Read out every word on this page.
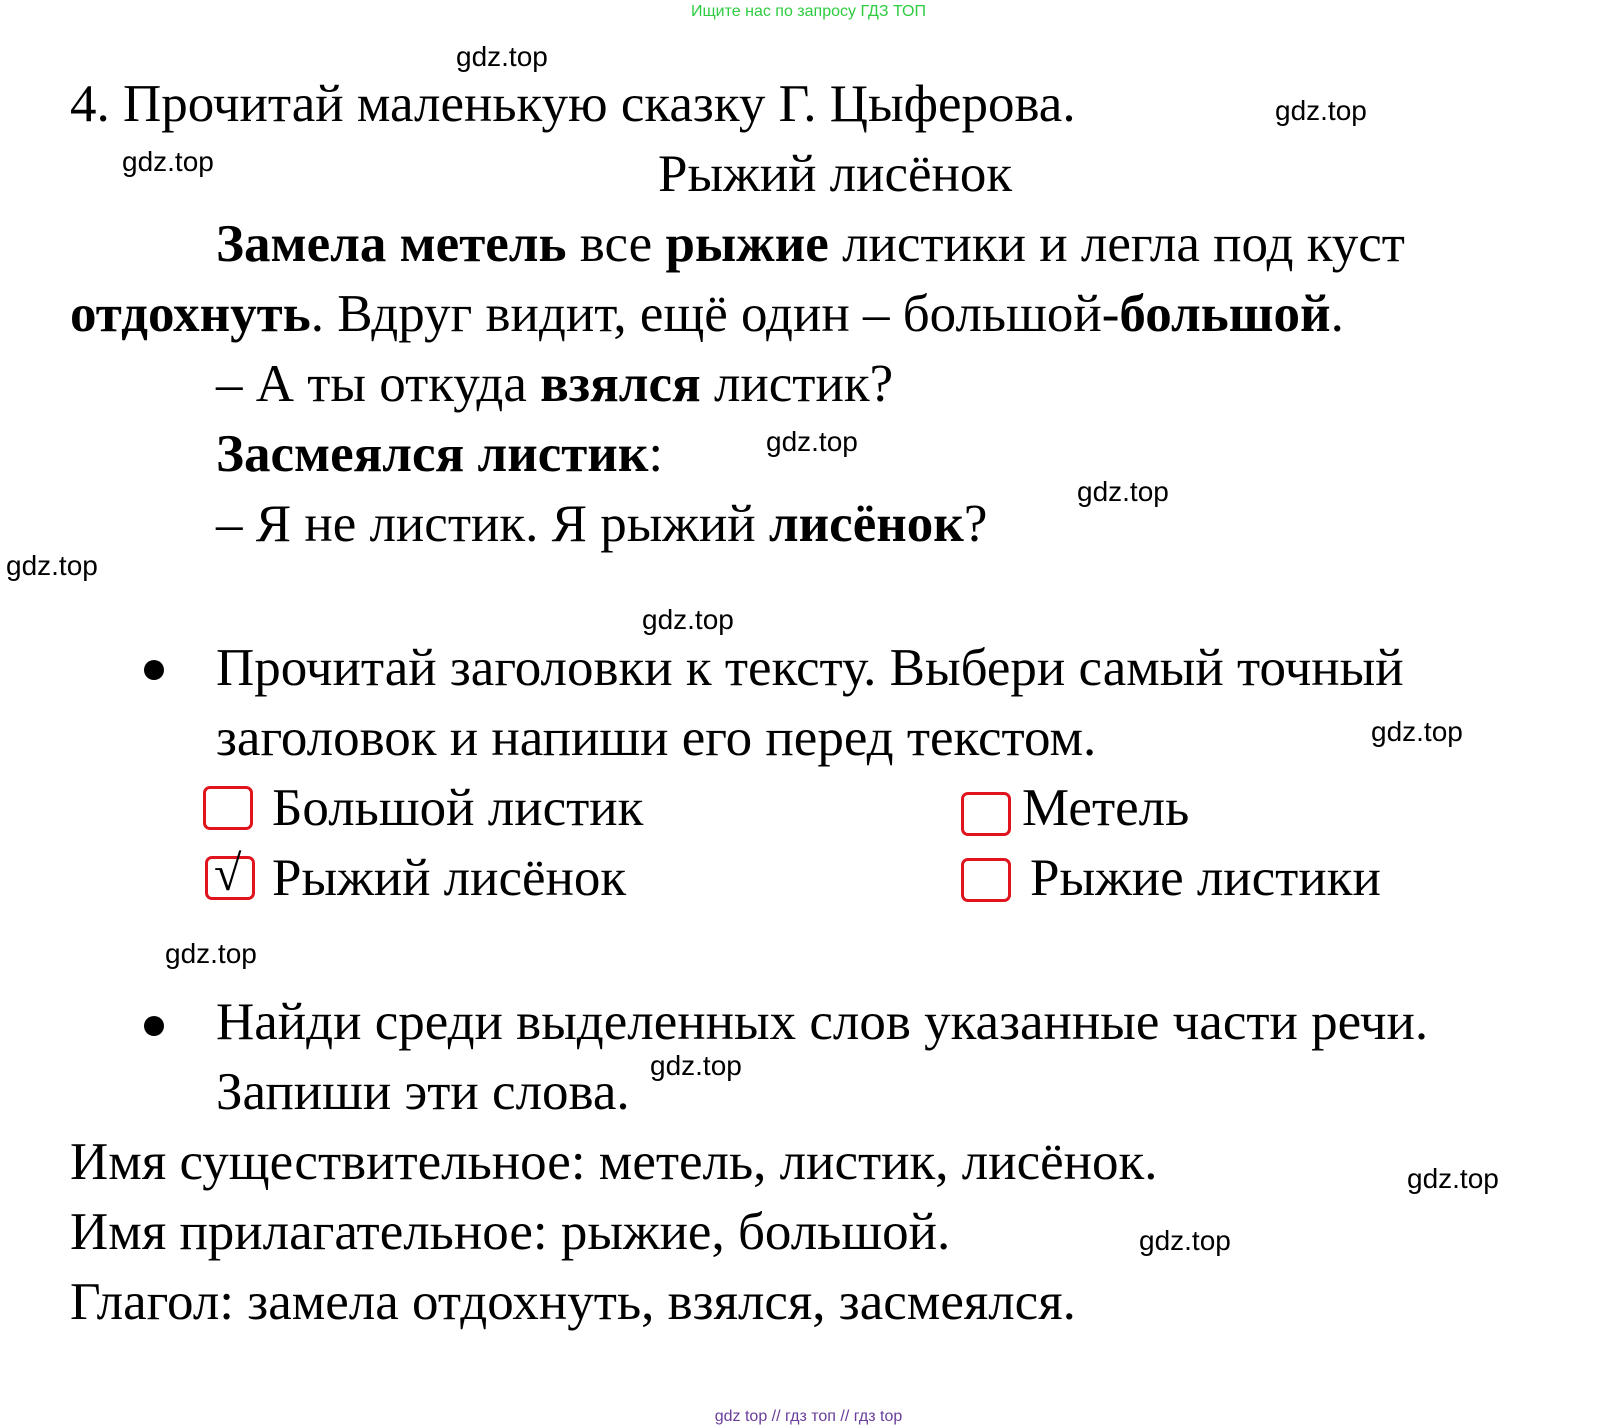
Ищите нас по запросу ГДЗ ТОП
gdz.top
gdz.top
gdz.top
gdz.top
gdz.top
gdz.top
gdz.top
gdz.top
gdz.top
gdz.top
gdz.top
gdz.top
4. Прочитай маленькую сказку Г. Цыферова.
Рыжий лисёнок
Замела метель все рыжие листики и легла под куст
отдохнуть. Вдруг видит, ещё один – большой-большой.
– А ты откуда взялся листик?
Засмеялся листик:
– Я не листик. Я рыжий лисёнок?
Прочитай заголовки к тексту. Выбери самый точный
заголовок и напиши его перед текстом.
Большой листик	Метель
√ Рыжий лисёнок	Рыжие листики
Найди среди выделенных слов указанные части речи.
Запиши эти слова.
Имя существительное: метель, листик, лисёнок.
Имя прилагательное: рыжие, большой.
Глагол: замела отдохнуть, взялся, засмеялся.
gdz top // гдз топ // гдз top
